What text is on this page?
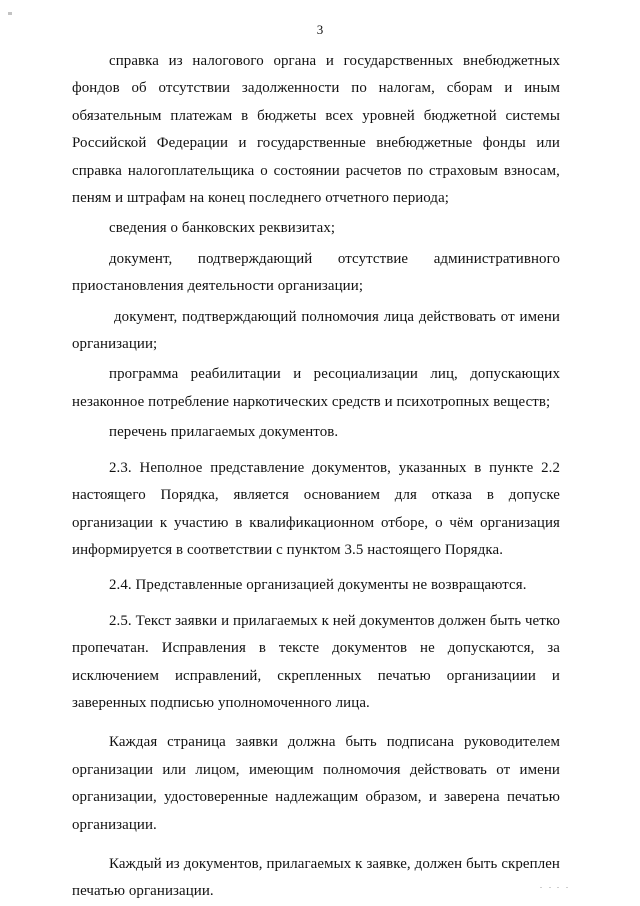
3

справка из налогового органа и государственных внебюджетных фондов об отсутствии задолженности по налогам, сборам и иным обязательным платежам в бюджеты всех уровней бюджетной системы Российской Федерации и государственные внебюджетные фонды или справка налогоплательщика о состоянии расчетов по страховым взносам, пеням и штрафам на конец последнего отчетного периода;

сведения о банковских реквизитах;

документ, подтверждающий отсутствие административного приостановления деятельности организации;

документ, подтверждающий полномочия лица действовать от имени организации;

программа реабилитации и ресоциализации лиц, допускающих незаконное потребление наркотических средств и психотропных веществ;

перечень прилагаемых документов.

2.3. Неполное представление документов, указанных в пункте 2.2 настоящего Порядка, является основанием для отказа в допуске организации к участию в квалификационном отборе, о чём организация информируется в соответствии с пунктом 3.5 настоящего Порядка.

2.4. Представленные организацией документы не возвращаются.

2.5. Текст заявки и прилагаемых к ней документов должен быть четко пропечатан. Исправления в тексте документов не допускаются, за исключением исправлений, скрепленных печатью организациии и заверенных подписью уполномоченного лица.

Каждая страница заявки должна быть подписана руководителем организации или лицом, имеющим полномочия действовать от имени организации, удостоверенные надлежащим образом, и заверена печатью организации.

Каждый из документов, прилагаемых к заявке, должен быть скреплен печатью организации.
